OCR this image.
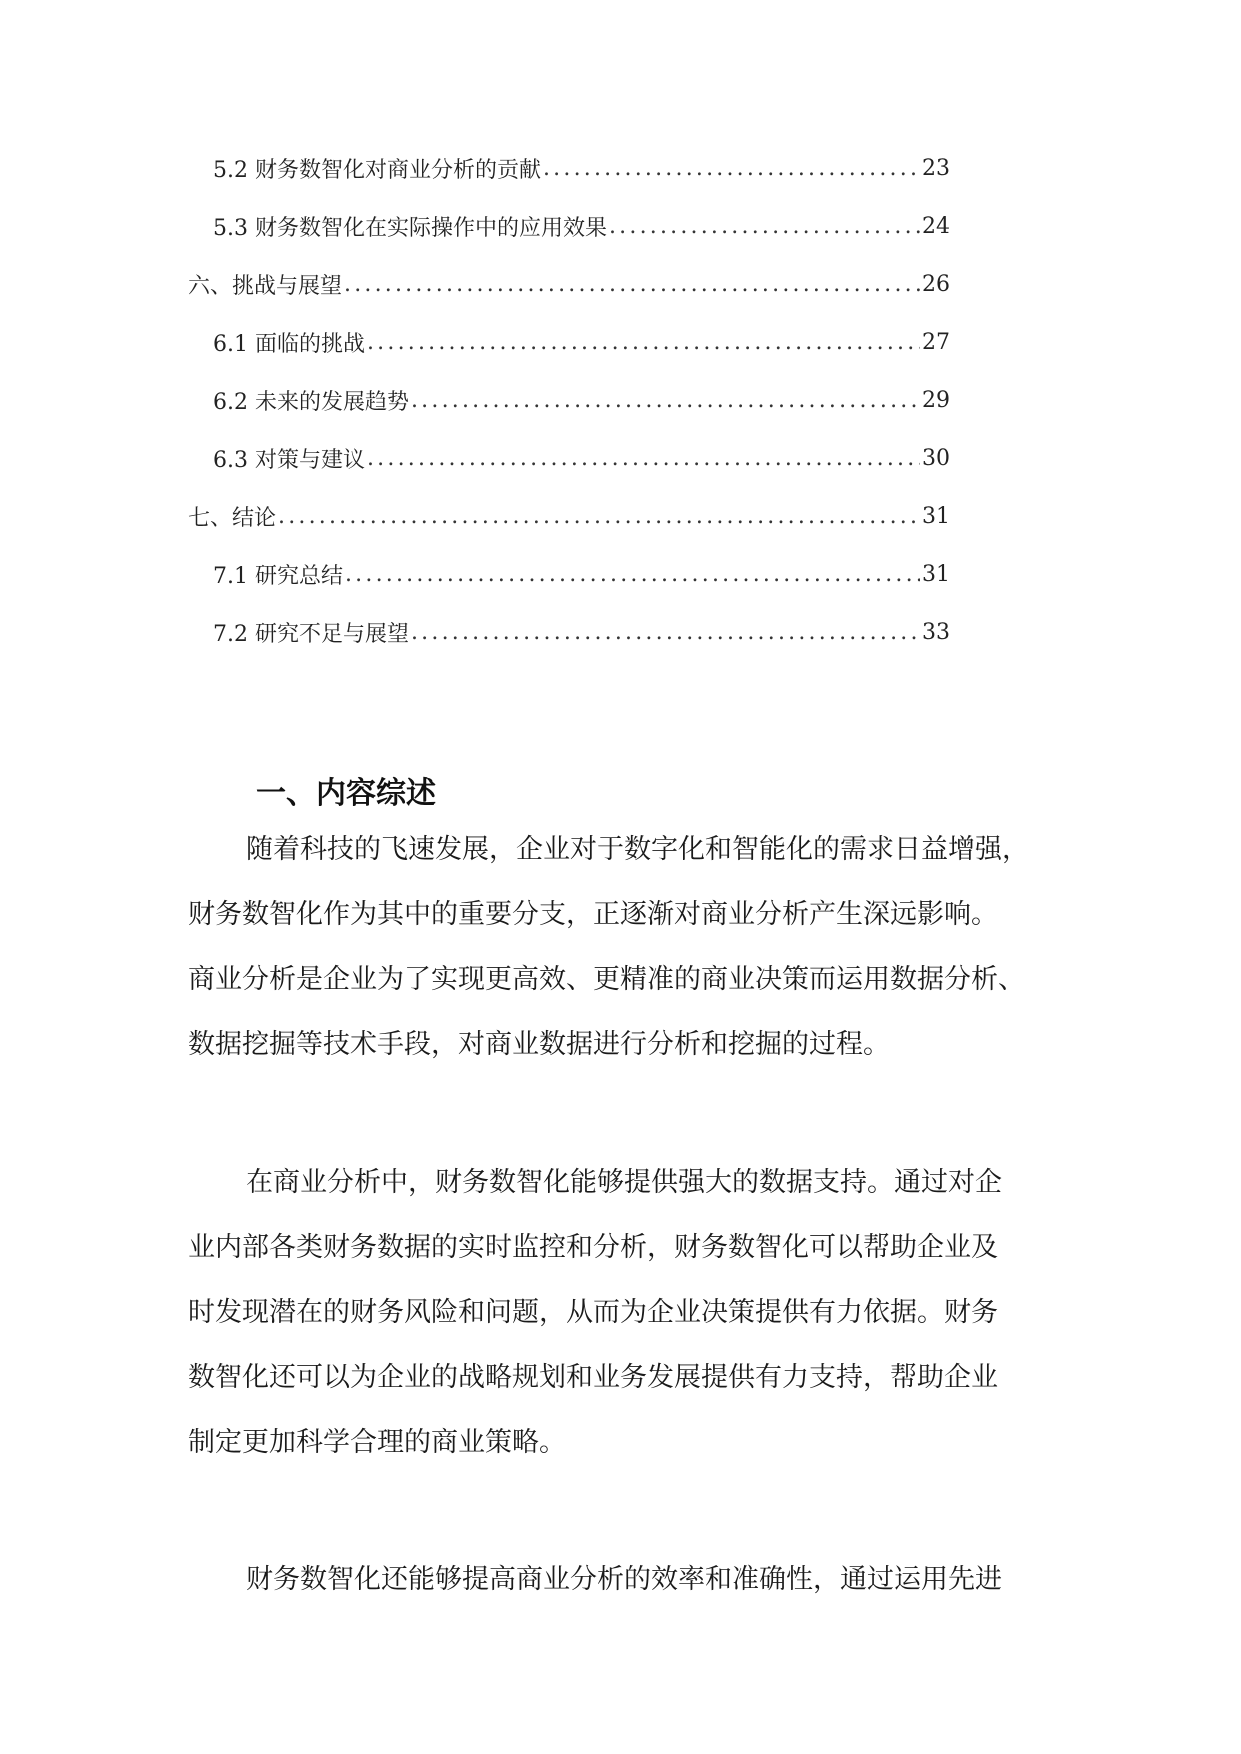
5.2 财务数智化对商业分析的贡献 .....	23
5.3 财务数智化在实际操作中的应用效果 .....	24
六、挑战与展望 .....	26
6.1 面临的挑战 .....	27
6.2 未来的发展趋势 .....	29
6.3 对策与建议 .....	30
七、结论 .....	31
7.1 研究总结 .....	31
7.2 研究不足与展望 .....	33
一、内容综述
随着科技的飞速发展，企业对于数字化和智能化的需求日益增强，
财务数智化作为其中的重要分支，正逐渐对商业分析产生深远影响。
商业分析是企业为了实现更高效、更精准的商业决策而运用数据分析、
数据挖掘等技术手段，对商业数据进行分析和挖掘的过程。
在商业分析中，财务数智化能够提供强大的数据支持。通过对企
业内部各类财务数据的实时监控和分析，财务数智化可以帮助企业及
时发现潜在的财务风险和问题，从而为企业决策提供有力依据。财务
数智化还可以为企业的战略规划和业务发展提供有力支持，帮助企业
制定更加科学合理的商业策略。
财务数智化还能够提高商业分析的效率和准确性，通过运用先进
